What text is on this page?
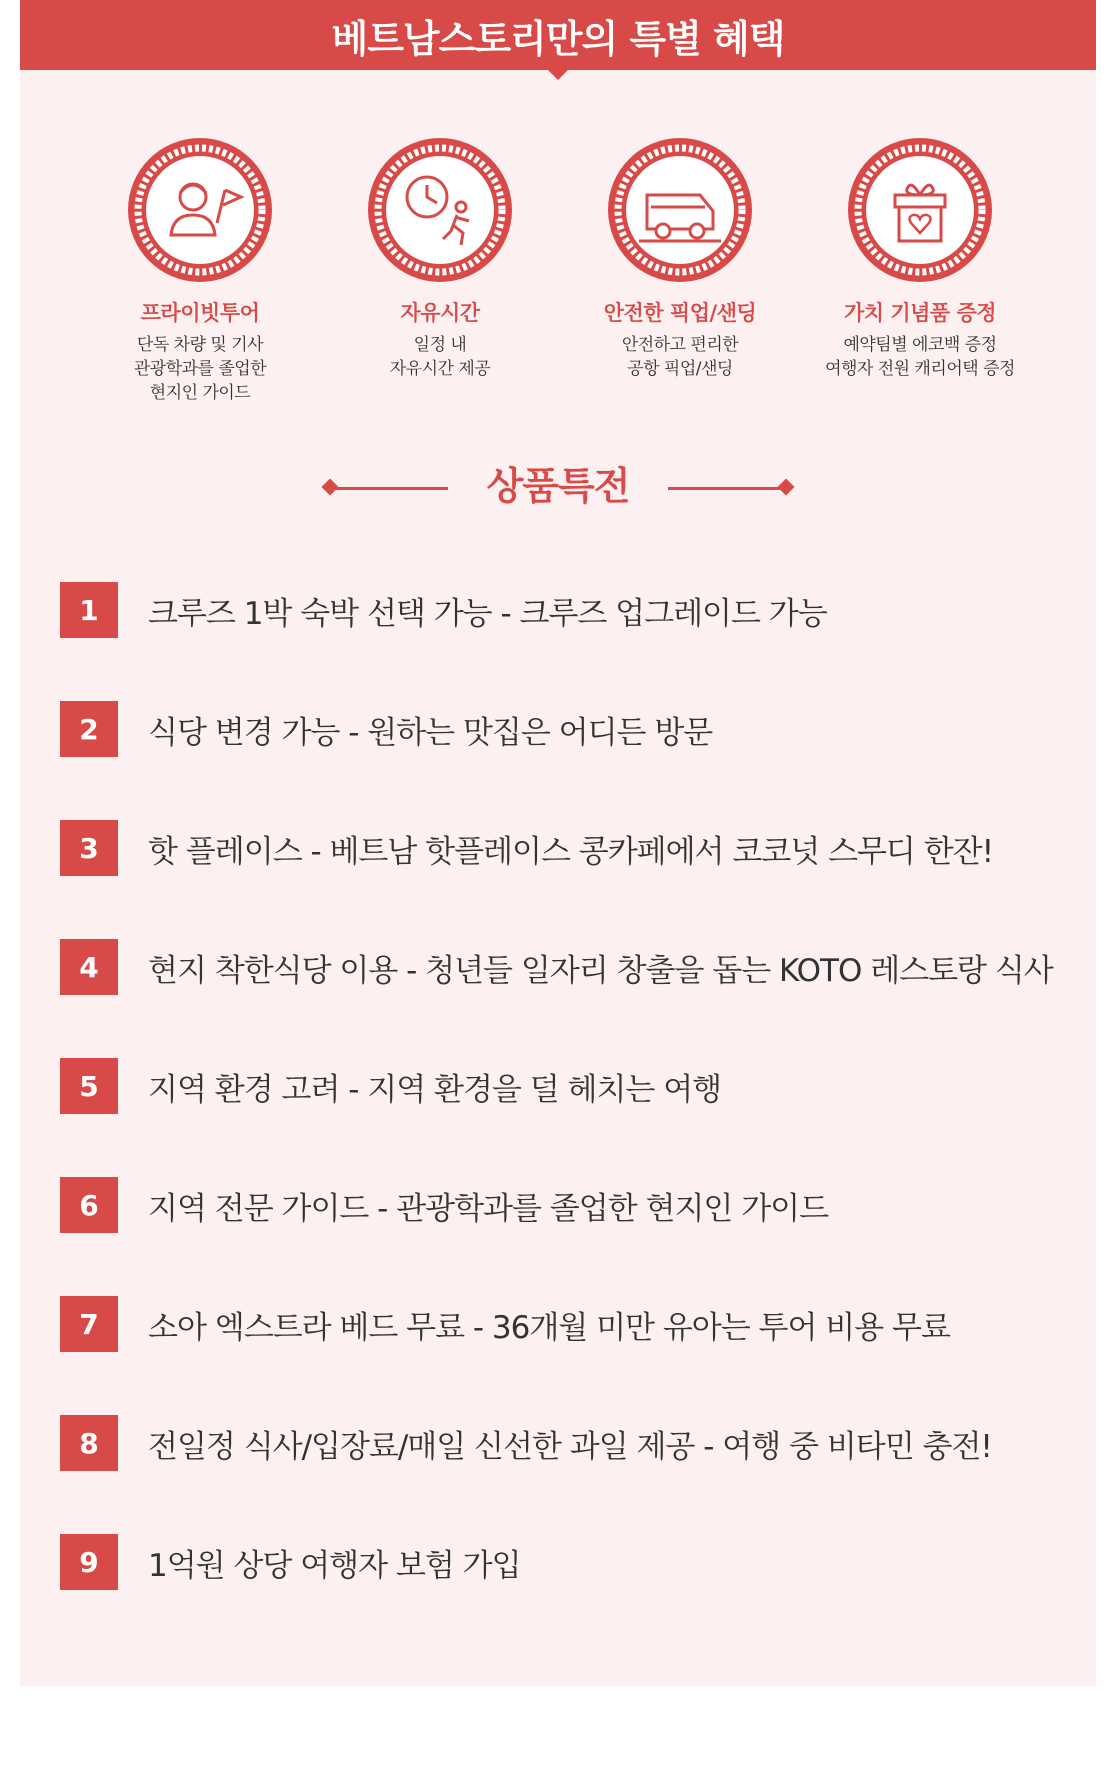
베트남스토리만의 특별 혜택
프라이빗투어
단독 차량 및 기사
관광학과를 졸업한
현지인 가이드
자유시간
일정 내
자유시간 제공
안전한 픽업/샌딩
안전하고 편리한
공항 픽업/샌딩
가치 기념품 증정
예약팀별 에코백 증정
여행자 전원 캐리어택 증정
상품특전
1	크루즈 1박 숙박 선택 가능 - 크루즈 업그레이드 가능
2	식당 변경 가능 - 원하는 맛집은 어디든 방문
3	핫 플레이스 - 베트남 핫플레이스 콩카페에서 코코넛 스무디 한잔!
4	현지 착한식당 이용 - 청년들 일자리 창출을 돕는 KOTO 레스토랑 식사
5	지역 환경 고려 - 지역 환경을 덜 헤치는 여행
6	지역 전문 가이드 - 관광학과를 졸업한 현지인 가이드
7	소아 엑스트라 베드 무료 - 36개월 미만 유아는 투어 비용 무료
8	전일정 식사/입장료/매일 신선한 과일 제공 - 여행 중 비타민 충전!
9	1억원 상당 여행자 보험 가입
